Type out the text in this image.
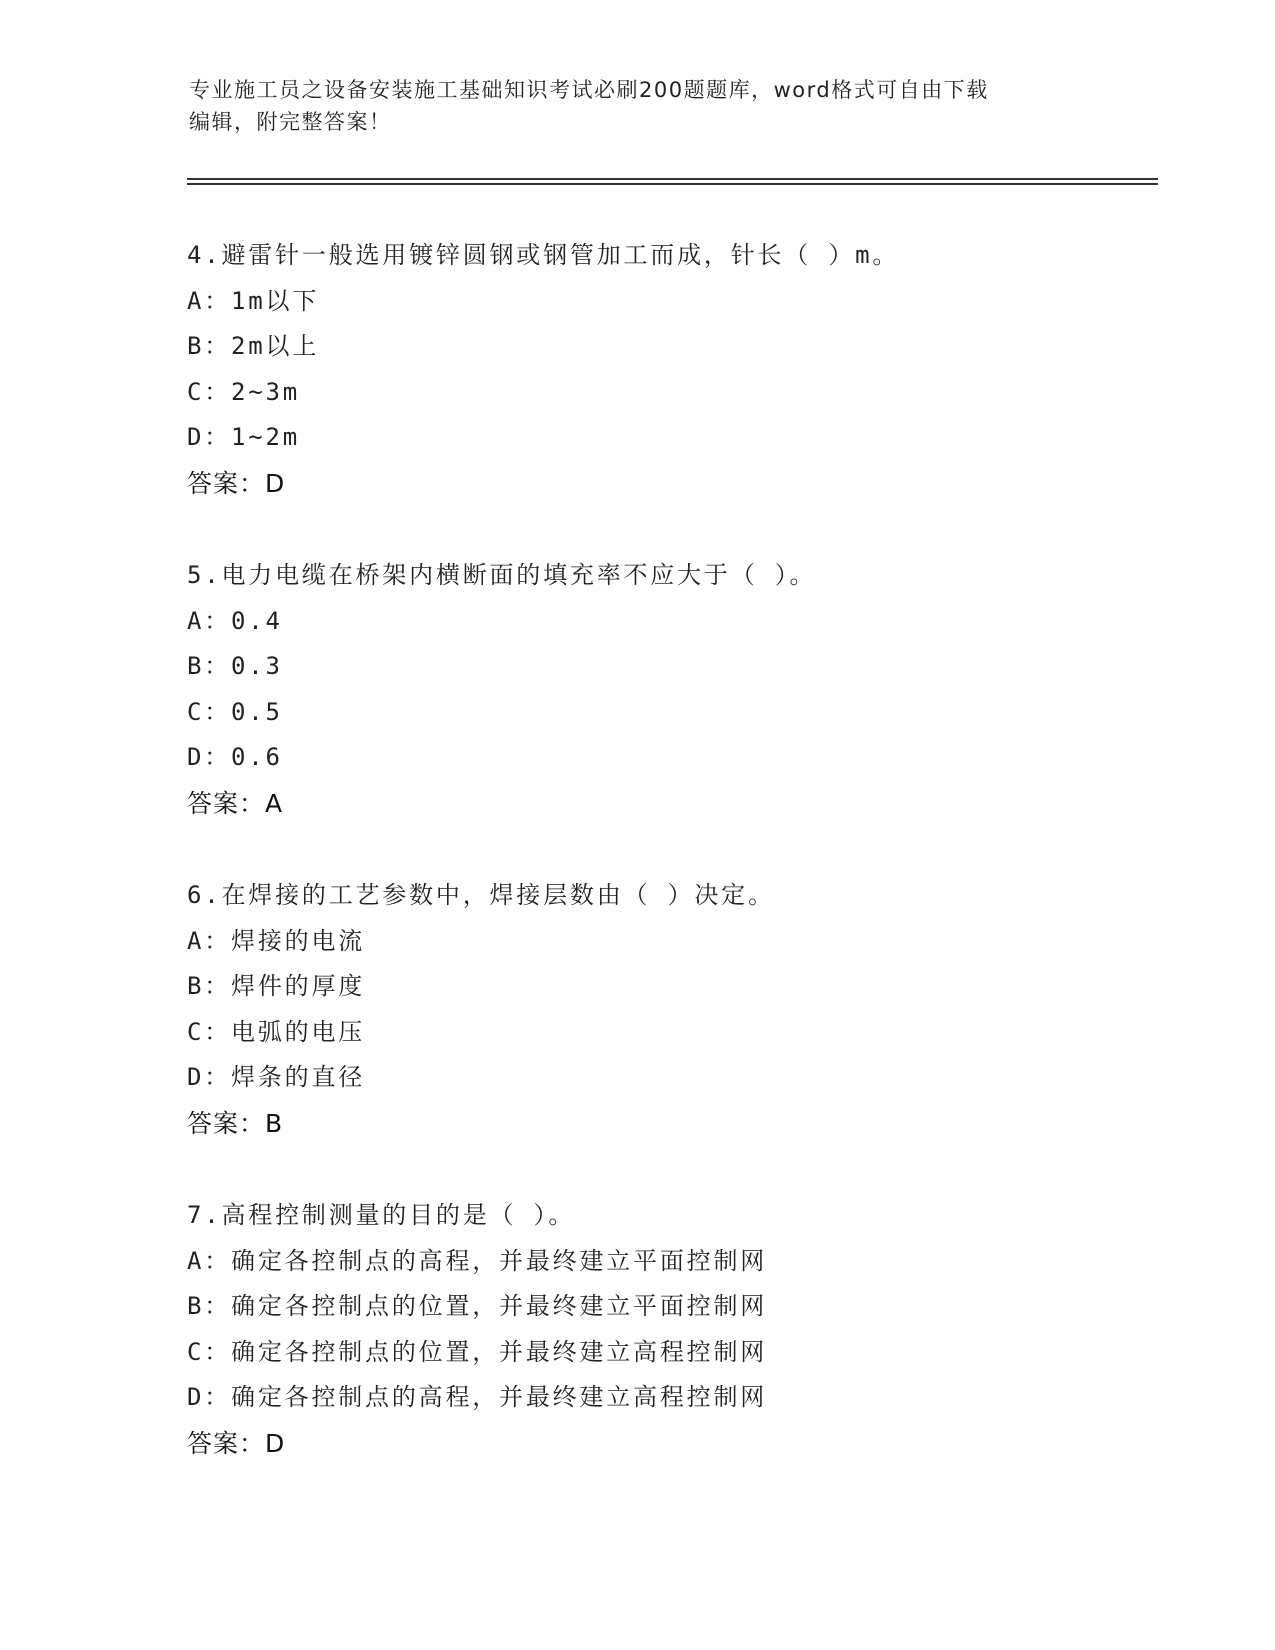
专业施工员之设备安装施工基础知识考试必刷200题题库，word格式可自由下载
编辑，附完整答案！
4.避雷针一般选用镀锌圆钢或钢管加工而成，针长（ ）m。
A：1m以下
B：2m以上
C：2~3m
D：1~2m
答案：D
5.电力电缆在桥架内横断面的填充率不应大于（ ）。
A：0.4
B：0.3
C：0.5
D：0.6
答案：A
6.在焊接的工艺参数中，焊接层数由（ ）决定。
A：焊接的电流
B：焊件的厚度
C：电弧的电压
D：焊条的直径
答案：B
7.高程控制测量的目的是（ ）。
A：确定各控制点的高程，并最终建立平面控制网
B：确定各控制点的位置，并最终建立平面控制网
C：确定各控制点的位置，并最终建立高程控制网
D：确定各控制点的高程，并最终建立高程控制网
答案：D
